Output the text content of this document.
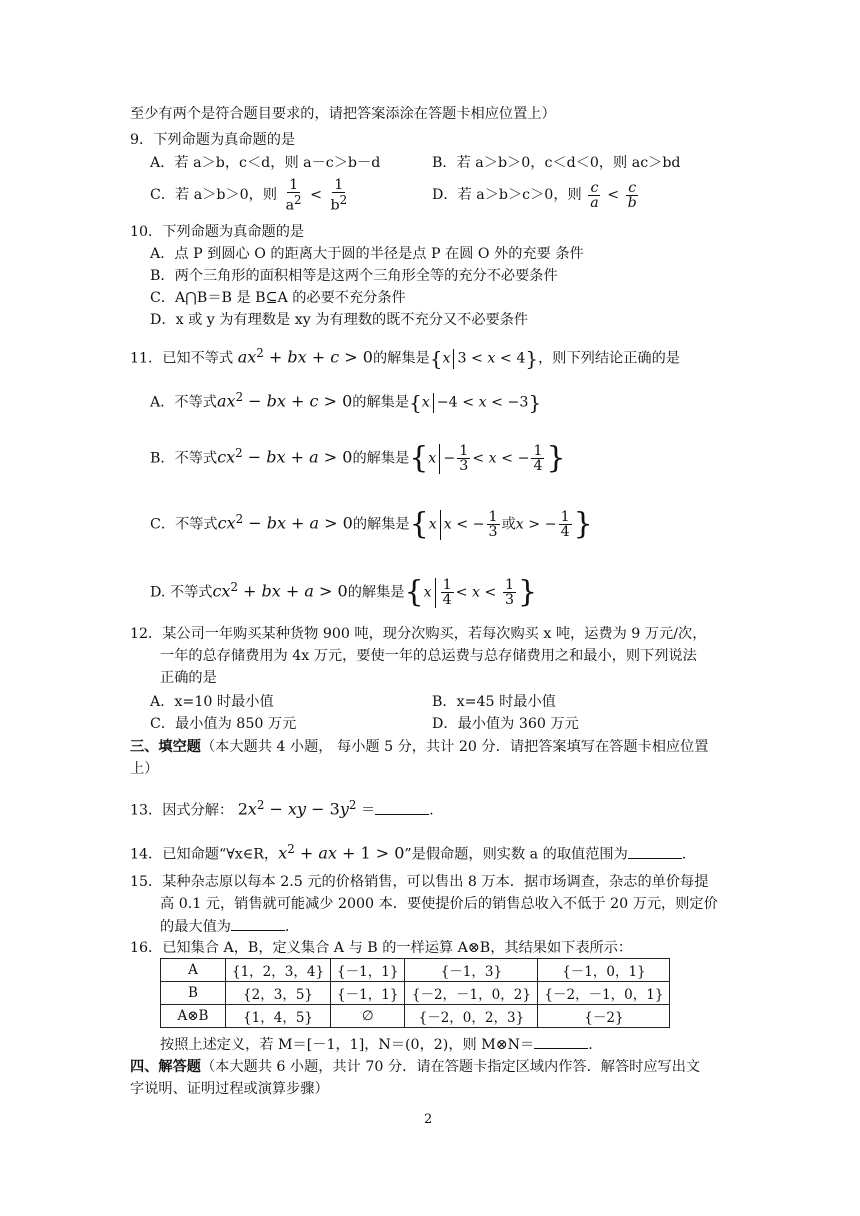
至少有两个是符合题目要求的，请把答案添涂在答题卡相应位置上）
9．下列命题为真命题的是
A．若 a＞b，c＜d，则 a－c＞b－d	B．若 a＞b＞0，c＜d＜0，则 ac＞bd
C．若 a＞b＞0，则 $\frac{1}{a^2} < \frac{1}{b^2}$	D．若 a＞b＞c＞0，则 $\frac{c}{a} < \frac{c}{b}$
10．下列命题为真命题的是
A．点 P 到圆心 O 的距离大于圆的半径是点 P 在圆 O 外的充要 条件
B．两个三角形的面积相等是这两个三角形全等的充分不必要条件
C．A⋂B＝B 是 B⊆A 的必要不充分条件
D．x 或 y 为有理数是 xy 为有理数的既不充分又不必要条件
11．已知不等式 $ax^2$ + bx + c > 0的解集是{x 3 < x < 4}，则下列结论正确的是
A．不等式$ax^2$ − bx + c > 0的解集是{x −4 < x < −3}
B．不等式$cx^2$ − bx + a > 0的解集是{$x - \frac{1}{3} < x$ < − $\frac{1}{4}$ }
C．不等式$cx^2$ − bx + a > 0的解集是{x x < − $\frac{1}{3}$ 或x > − $\frac{1}{4}$ }
D. 不等式$cx^2$ + bx + a > 0的解集是{$x \frac{1}{4} < x < \frac{1}{3}$ }
12．某公司一年购买某种货物 900 吨，现分次购买，若每次购买 x 吨，运费为 9 万元/次，
一年的总存储费用为 4x 万元，要使一年的总运费与总存储费用之和最小，则下列说法
正确的是
A．x=10 时最小值	B．x=45 时最小值
C．最小值为 850 万元	D．最小值为 360 万元
三、填空题（本大题共 4 小题， 每小题 5 分，共计 20 分．请把答案填写在答题卡相应位置
上）
13．因式分解： $2x^2$ − xy − $3y^2$ ＝	.
14．已知命题“∀x∈R，$x^2$ + ax + 1 > 0”是假命题，则实数 a 的取值范围为	.
15．某种杂志原以每本 2.5 元的价格销售，可以售出 8 万本．据市场调查，杂志的单价每提
高 0.1 元，销售就可能减少 2000 本．要使提价后的销售总收入不低于 20 万元，则定价
的最大值为	．
16．已知集合 A，B，定义集合 A 与 B 的一样运算 A⊗B，其结果如下表所示：
A	{1，2，3，4}	{－1，1}	{－1，3}	{－1，0，1}
B	{2，3，5}	{－1，1}	{－2，－1，0，2}	{－2，－1，0，1}
A⊗B	{1，4，5}	∅	{－2，0，2，3}	{－2}
按照上述定义，若 M＝[－1，1]，N＝(0，2)，则 M⊗N＝	.
四、解答题（本大题共 6 小题，共计 70 分．请在答题卡指定区域内作答．解答时应写出文
字说明、证明过程或演算步骤）
2
